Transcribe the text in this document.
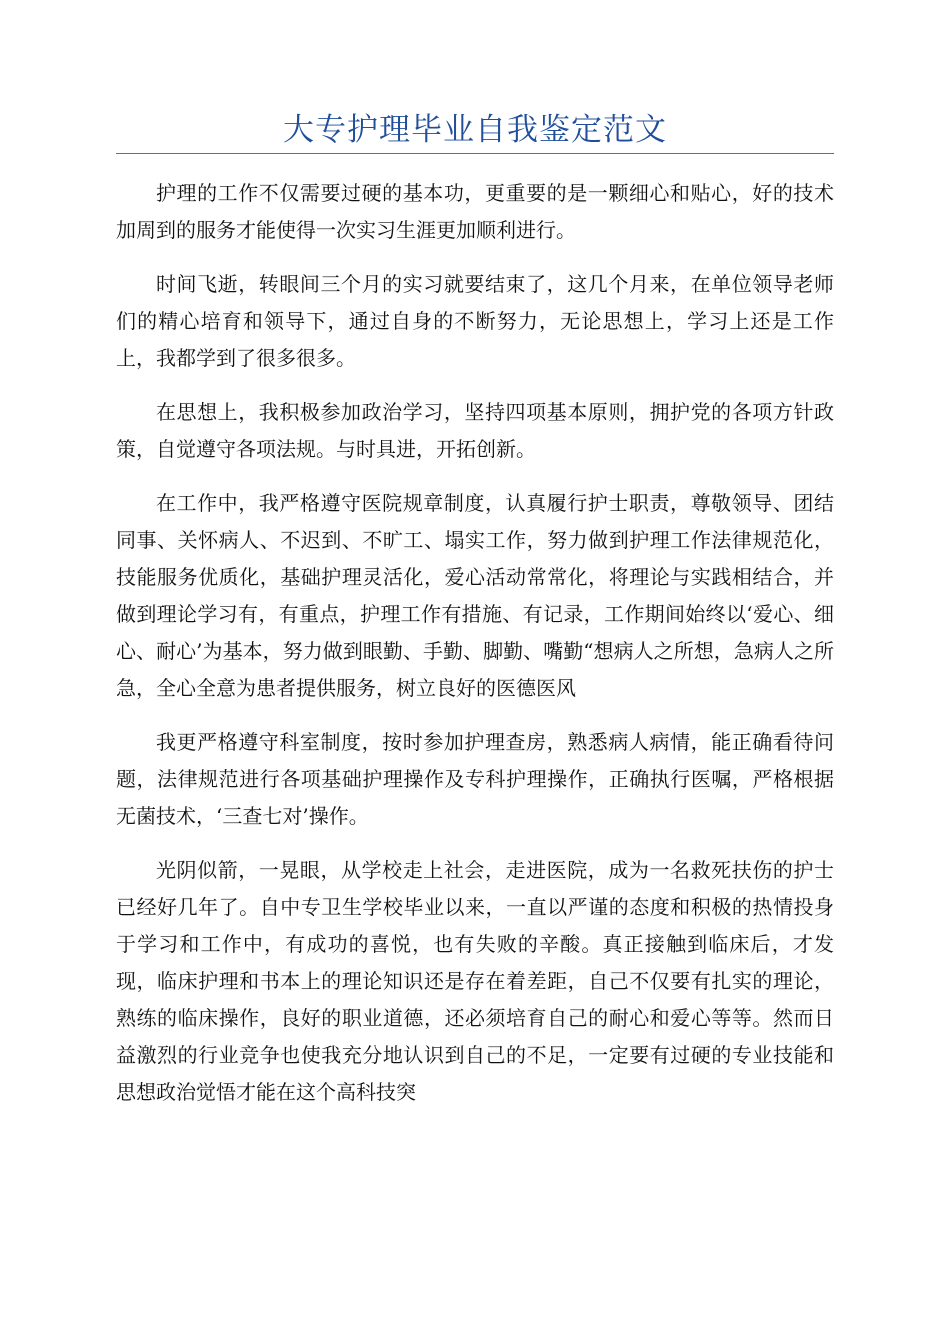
大专护理毕业自我鉴定范文

护理的工作不仅需要过硬的基本功，更重要的是一颗细心和贴心，好的技术加周到的服务才能使得一次实习生涯更加顺利进行。

时间飞逝，转眼间三个月的实习就要结束了，这几个月来，在单位领导老师们的精心培育和领导下，通过自身的不断努力，无论思想上，学习上还是工作上，我都学到了很多很多。

在思想上，我积极参加政治学习，坚持四项基本原则，拥护党的各项方针政策，自觉遵守各项法规。与时具进，开拓创新。

在工作中，我严格遵守医院规章制度，认真履行护士职责，尊敬领导、团结同事、关怀病人、不迟到、不旷工、塌实工作，努力做到护理工作法律规范化，技能服务优质化，基础护理灵活化，爱心活动常常化，将理论与实践相结合，并做到理论学习有，有重点，护理工作有措施、有记录，工作期间始终以‘爱心、细心、耐心’为基本，努力做到眼勤、手勤、脚勤、嘴勤“想病人之所想，急病人之所急，全心全意为患者提供服务，树立良好的医德医风

我更严格遵守科室制度，按时参加护理查房，熟悉病人病情，能正确看待问题，法律规范进行各项基础护理操作及专科护理操作，正确执行医嘱，严格根据无菌技术，‘三查七对’操作。

光阴似箭，一晃眼，从学校走上社会，走进医院，成为一名救死扶伤的护士已经好几年了。自中专卫生学校毕业以来，一直以严谨的态度和积极的热情投身于学习和工作中，有成功的喜悦，也有失败的辛酸。真正接触到临床后，才发现，临床护理和书本上的理论知识还是存在着差距，自己不仅要有扎实的理论，熟练的临床操作，良好的职业道德，还必须培育自己的耐心和爱心等等。然而日益激烈的行业竞争也使我充分地认识到自己的不足，一定要有过硬的专业技能和思想政治觉悟才能在这个高科技突
